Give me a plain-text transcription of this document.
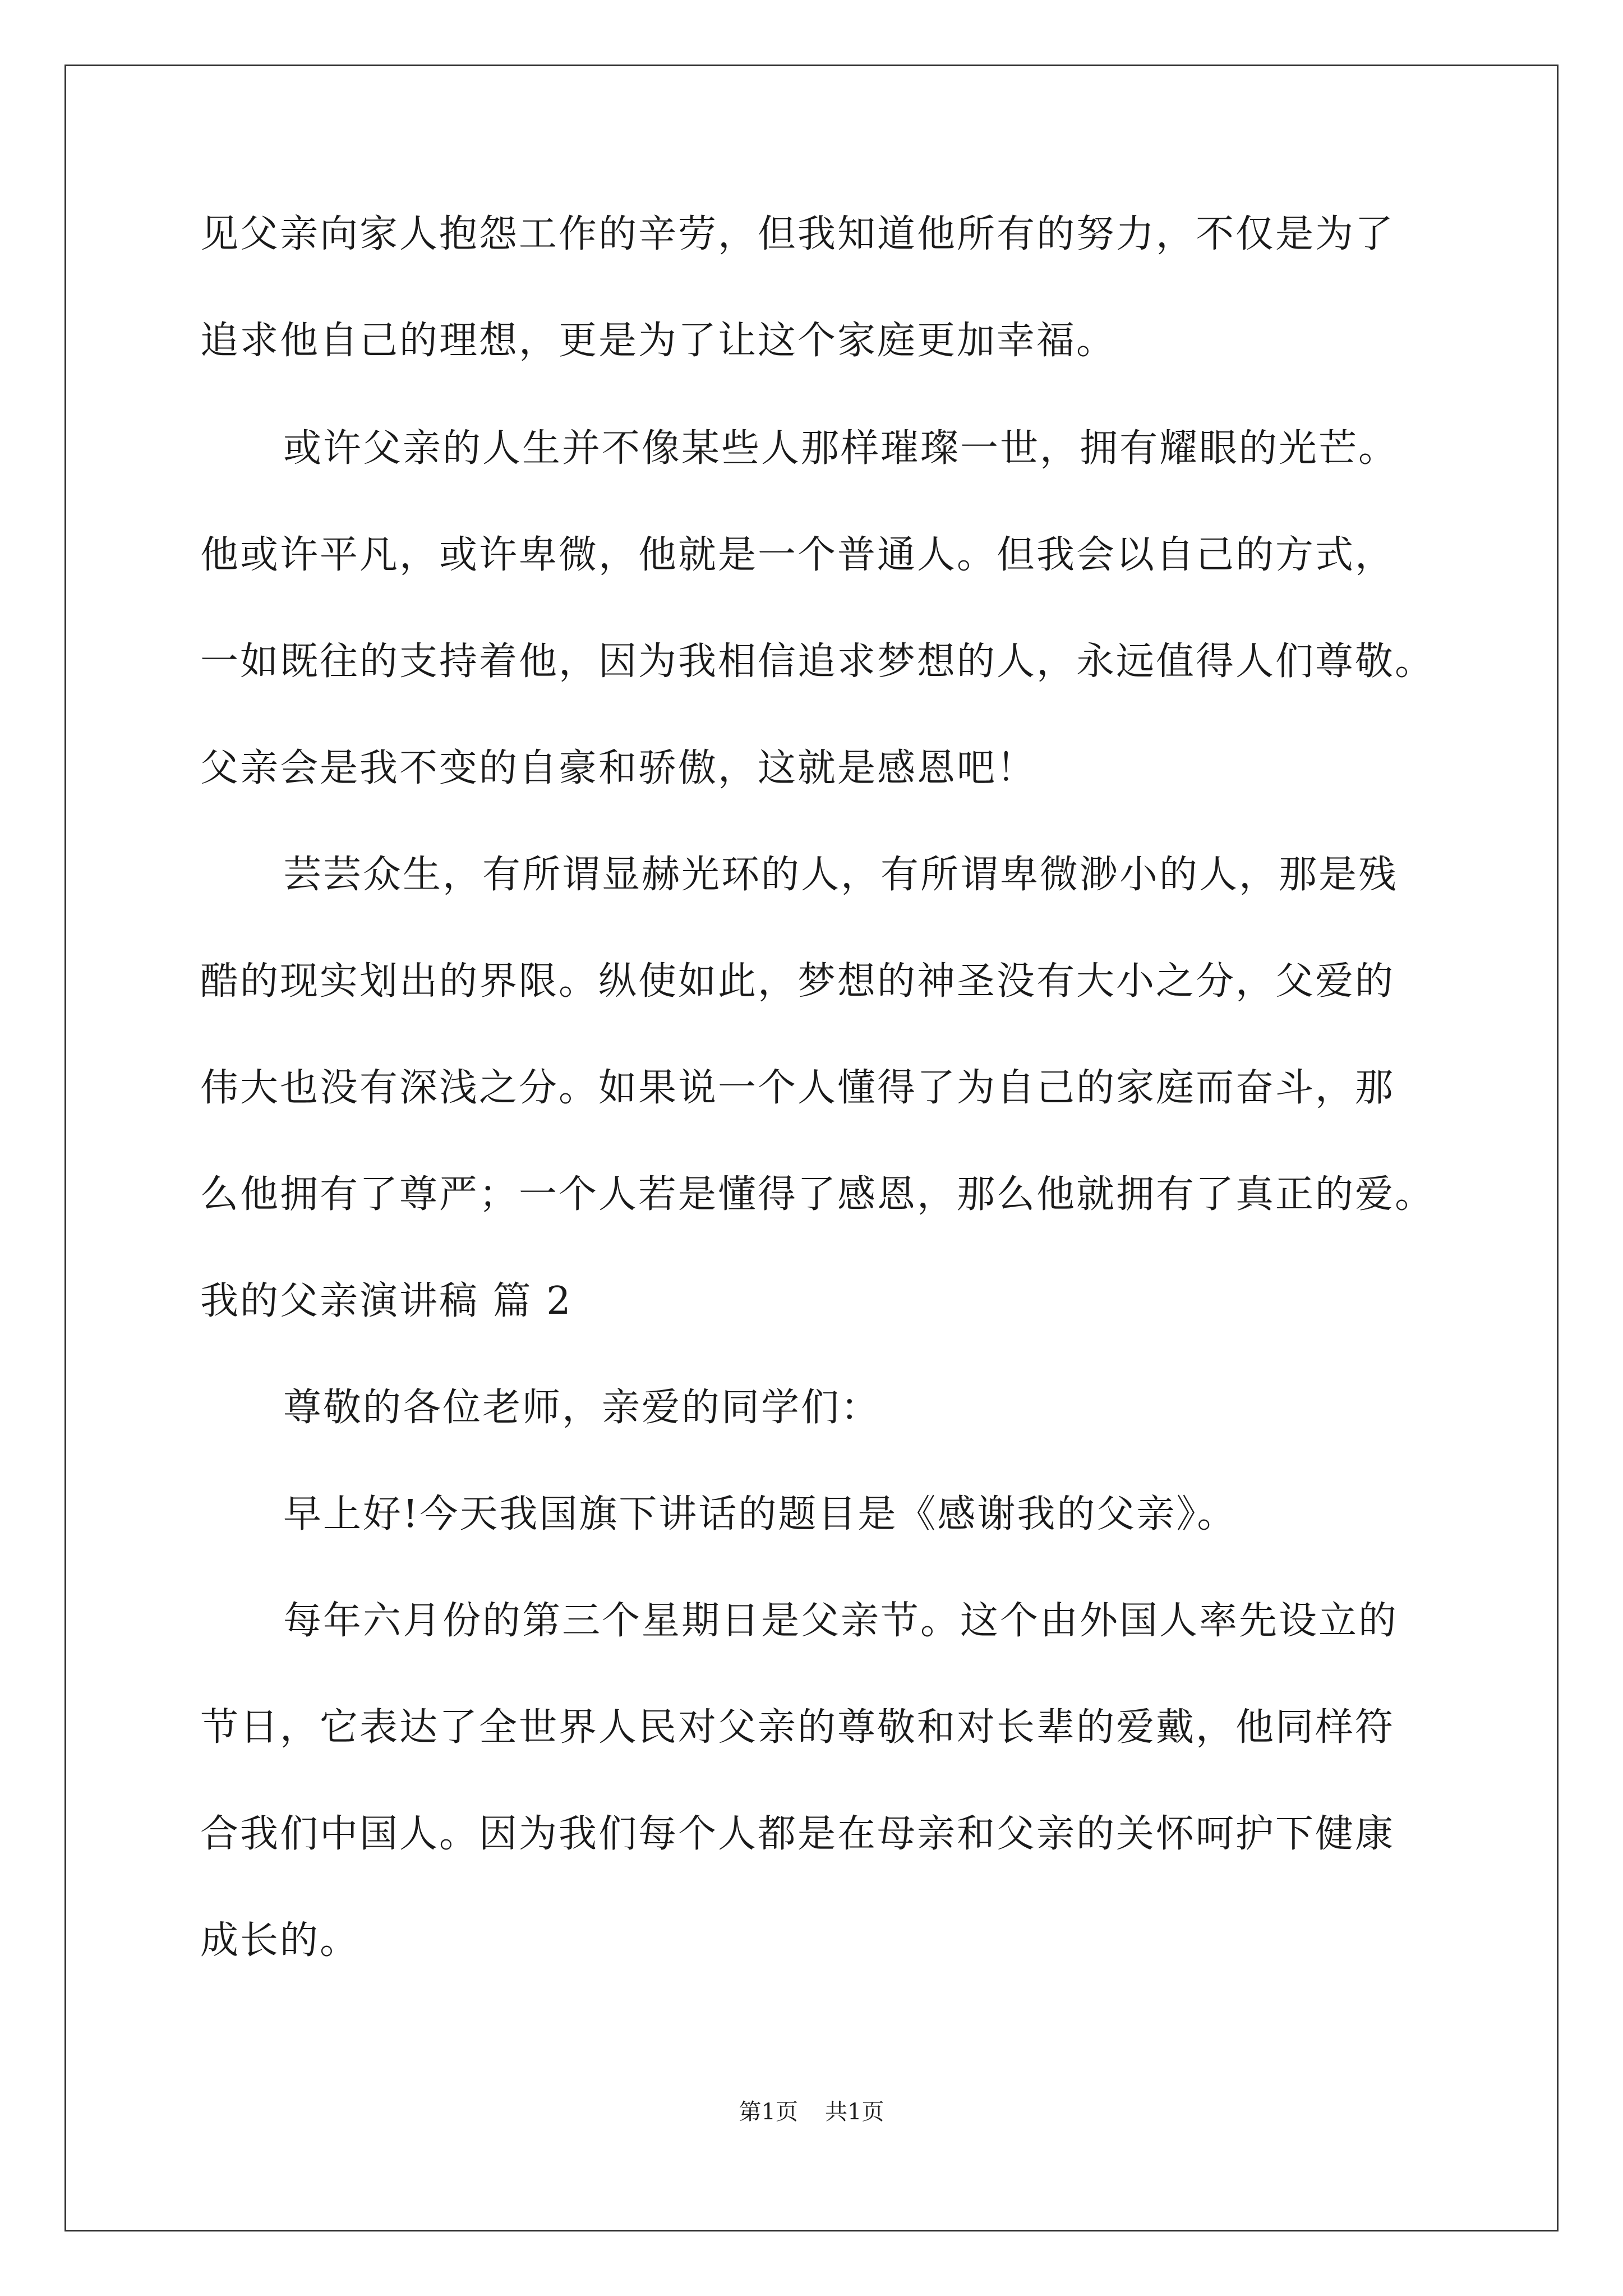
见父亲向家人抱怨工作的辛劳，但我知道他所有的努力，不仅是为了
追求他自己的理想，更是为了让这个家庭更加幸福。
或许父亲的人生并不像某些人那样璀璨一世，拥有耀眼的光芒。
他或许平凡，或许卑微，他就是一个普通人。但我会以自己的方式，
一如既往的支持着他，因为我相信追求梦想的人，永远值得人们尊敬。
父亲会是我不变的自豪和骄傲，这就是感恩吧！
芸芸众生，有所谓显赫光环的人，有所谓卑微渺小的人，那是残
酷的现实划出的界限。纵使如此，梦想的神圣没有大小之分，父爱的
伟大也没有深浅之分。如果说一个人懂得了为自己的家庭而奋斗，那
么他拥有了尊严；一个人若是懂得了感恩，那么他就拥有了真正的爱。
我的父亲演讲稿 篇 2
尊敬的各位老师，亲爱的同学们：
早上好!今天我国旗下讲话的题目是《感谢我的父亲》。
每年六月份的第三个星期日是父亲节。这个由外国人率先设立的
节日，它表达了全世界人民对父亲的尊敬和对长辈的爱戴，他同样符
合我们中国人。因为我们每个人都是在母亲和父亲的关怀呵护下健康
成长的。
第1页 共1页
